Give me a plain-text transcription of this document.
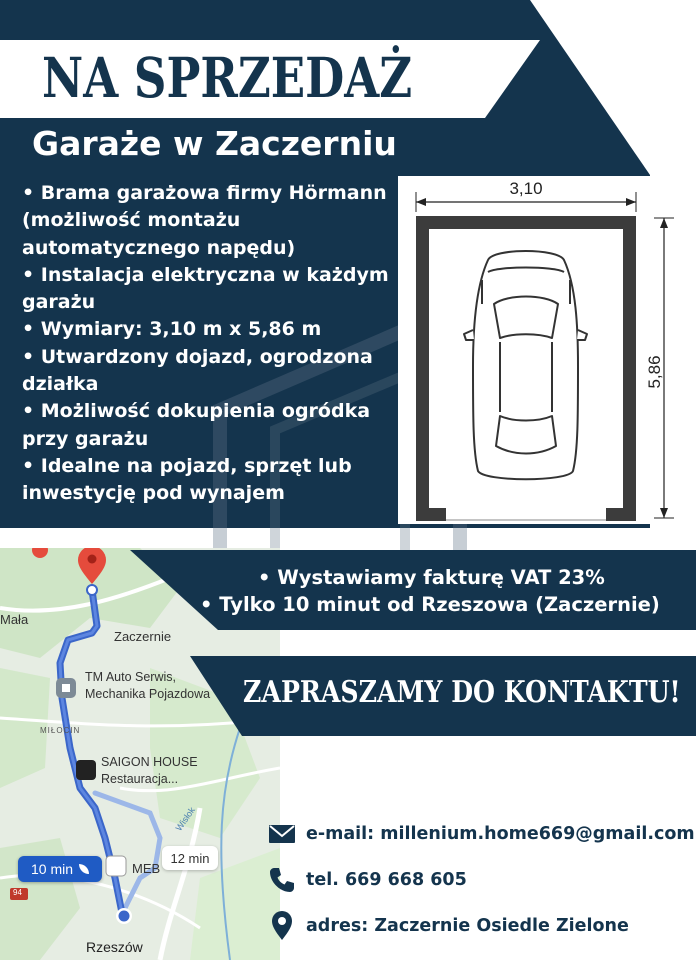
NA SPRZEDAŻ
Garaże w Zaczerniu

• Brama garażowa firmy Hörmann (możliwość montażu automatycznego napędu)

• Instalacja elektryczna w każdym garażu

• Wymiary: 3,10 m x 5,86 m

• Utwardzony dojazd, ogrodzona działka

• Możliwość dokupienia ogródka przy garażu

• Idealne na pojazd, sprzęt lub inwestycję pod wynajem

3,10
5,86
Mała
Zaczernie
TM Auto Serwis,
Mechanika Pojazdowa
MIŁOCIN
SAIGON HOUSE
Restauracja...
Wisłok
10 min	MEB
12 min
94
Rzeszów
• Wystawiamy fakturę VAT 23%
• Tylko 10 minut od Rzeszowa (Zaczernie)
ZAPRASZAMY DO KONTAKTU!
e-mail: millenium.home669@gmail.com
tel. 669 668 605
adres: Zaczernie Osiedle Zielone
